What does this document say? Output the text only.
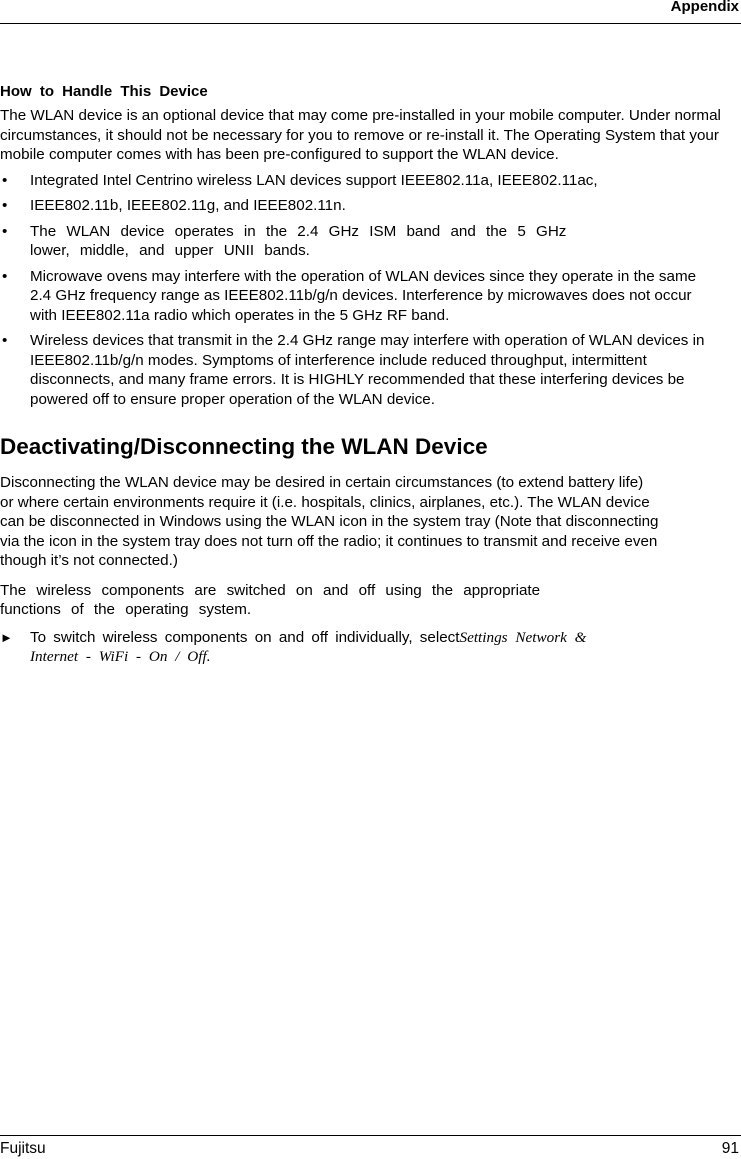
Appendix
How to Handle This Device

The WLAN device is an optional device that may come pre-installed in your mobile computer. Under normal circumstances, it should not be necessary for you to remove or re-install it. The Operating System that your mobile computer comes with has been pre-configured to support the WLAN device.

• Integrated Intel Centrino wireless LAN devices support IEEE802.11a, IEEE802.11ac,
• IEEE802.11b, IEEE802.11g, and IEEE802.11n.
• The WLAN device operates in the 2.4 GHz ISM band and the 5 GHz lower, middle, and upper UNII bands.
• Microwave ovens may interfere with the operation of WLAN devices since they operate in the same 2.4 GHz frequency range as IEEE802.11b/g/n devices. Interference by microwaves does not occur with IEEE802.11a radio which operates in the 5 GHz RF band.
• Wireless devices that transmit in the 2.4 GHz range may interfere with operation of WLAN devices in IEEE802.11b/g/n modes. Symptoms of interference include reduced throughput, intermittent disconnects, and many frame errors. It is HIGHLY recommended that these interfering devices be powered off to ensure proper operation of the WLAN device.
Deactivating/Disconnecting the WLAN Device

Disconnecting the WLAN device may be desired in certain circumstances (to extend battery life) or where certain environments require it (i.e. hospitals, clinics, airplanes, etc.). The WLAN device can be disconnected in Windows using the WLAN icon in the system tray (Note that disconnecting via the icon in the system tray does not turn off the radio; it continues to transmit and receive even though it’s not connected.)

The wireless components are switched on and off using the appropriate functions of the operating system.

► To switch wireless components on and off individually, selectSettings Network & Internet - WiFi - On / Off.
Fujitsu	91
